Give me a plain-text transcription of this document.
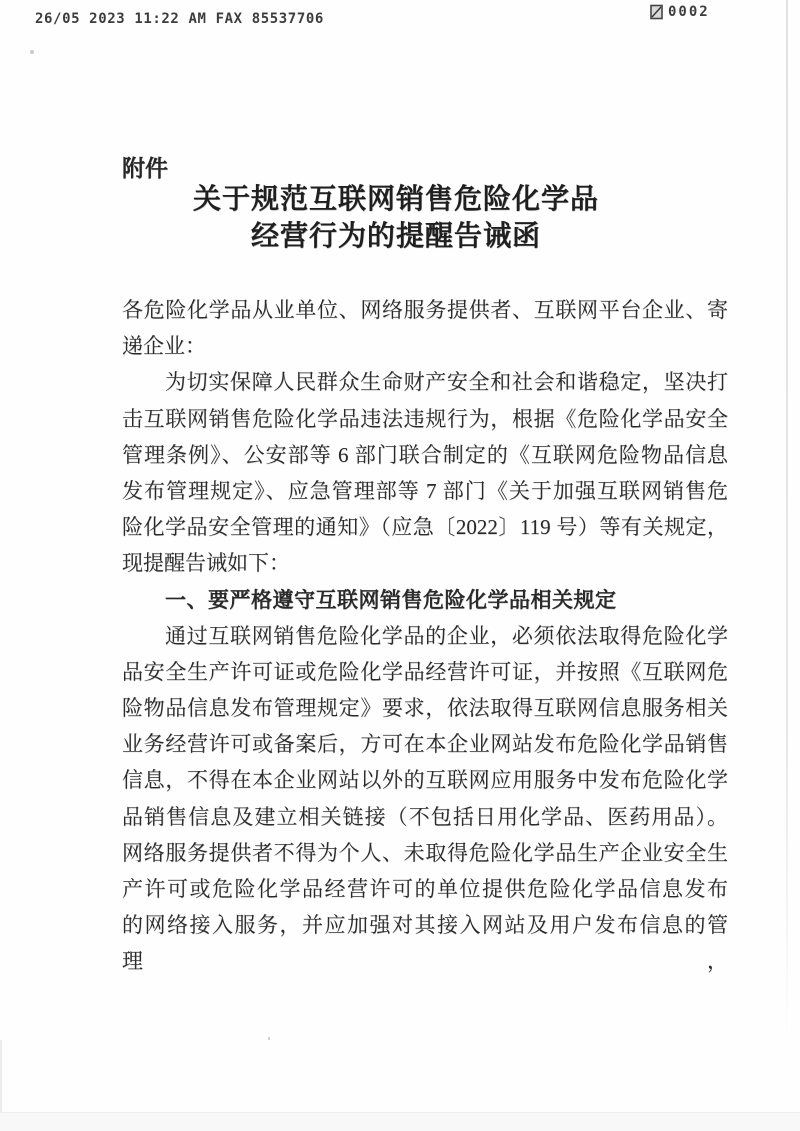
26/05 2023 11:22 AM FAX 85537706	0002
附件
关于规范互联网销售危险化学品
经营行为的提醒告诫函
各危险化学品从业单位、网络服务提供者、互联网平台企业、寄
递企业：
为切实保障人民群众生命财产安全和社会和谐稳定，坚决打
击互联网销售危险化学品违法违规行为，根据《危险化学品安全
管理条例》、公安部等 6 部门联合制定的《互联网危险物品信息
发布管理规定》、应急管理部等 7 部门《关于加强互联网销售危
险化学品安全管理的通知》（应急〔2022〕119 号）等有关规定，
现提醒告诫如下：
一、要严格遵守互联网销售危险化学品相关规定
通过互联网销售危险化学品的企业，必须依法取得危险化学
品安全生产许可证或危险化学品经营许可证，并按照《互联网危
险物品信息发布管理规定》要求，依法取得互联网信息服务相关
业务经营许可或备案后，方可在本企业网站发布危险化学品销售
信息，不得在本企业网站以外的互联网应用服务中发布危险化学
品销售信息及建立相关链接（不包括日用化学品、医药用品）。
网络服务提供者不得为个人、未取得危险化学品生产企业安全生
产许可或危险化学品经营许可的单位提供危险化学品信息发布
的网络接入服务，并应加强对其接入网站及用户发布信息的管理，
